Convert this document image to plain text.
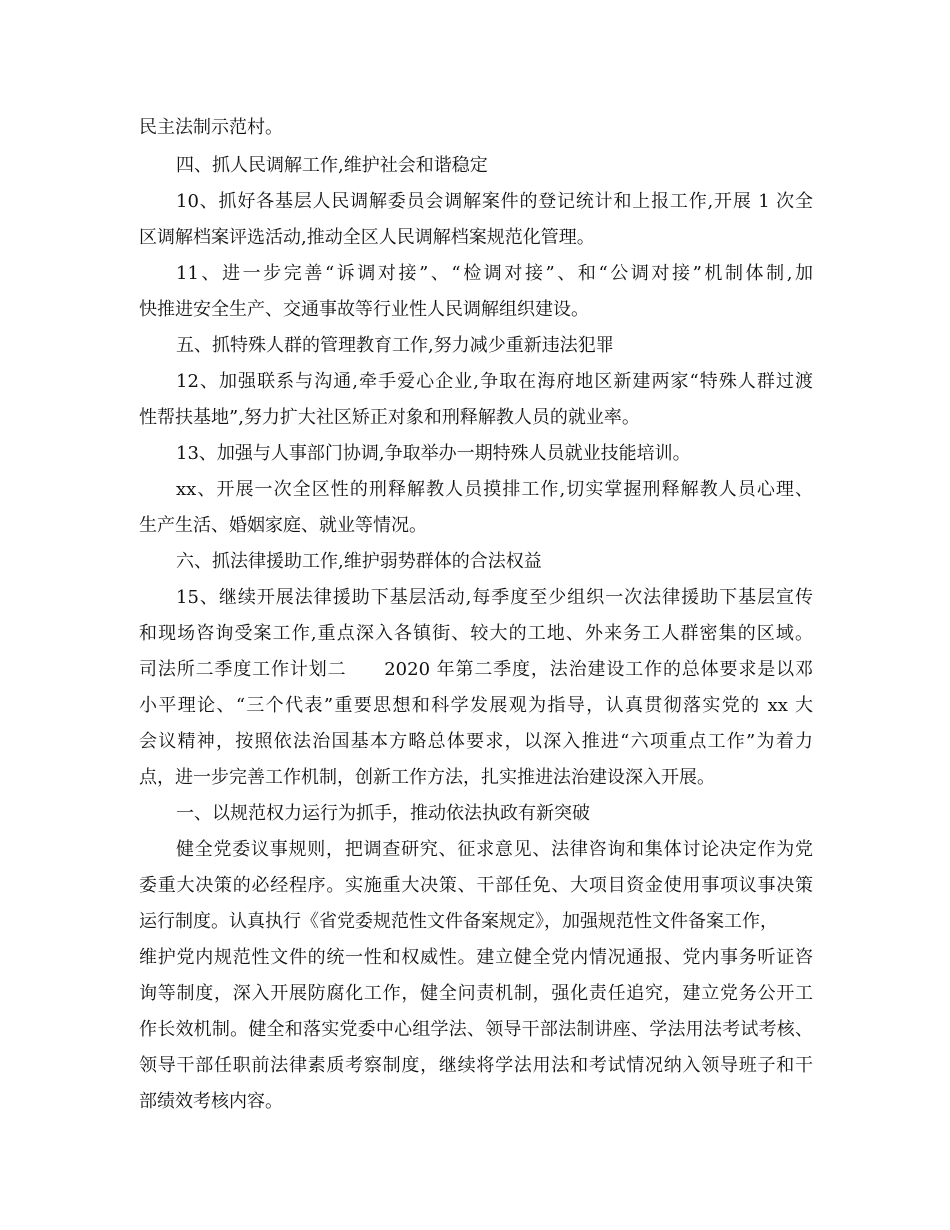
民主法制示范村。
四、抓人民调解工作,维护社会和谐稳定
10、抓好各基层人民调解委员会调解案件的登记统计和上报工作,开展 1 次全
区调解档案评选活动,推动全区人民调解档案规范化管理。
11、进一步完善“诉调对接”、“检调对接”、和“公调对接”机制体制,加
快推进安全生产、交通事故等行业性人民调解组织建设。
五、抓特殊人群的管理教育工作,努力减少重新违法犯罪
12、加强联系与沟通,牵手爱心企业,争取在海府地区新建两家“特殊人群过渡
性帮扶基地”,努力扩大社区矫正对象和刑释解教人员的就业率。
13、加强与人事部门协调,争取举办一期特殊人员就业技能培训。
xx、开展一次全区性的刑释解教人员摸排工作,切实掌握刑释解教人员心理、
生产生活、婚姻家庭、就业等情况。
六、抓法律援助工作,维护弱势群体的合法权益
15、继续开展法律援助下基层活动,每季度至少组织一次法律援助下基层宣传
和现场咨询受案工作,重点深入各镇街、较大的工地、外来务工人群密集的区域。
司法所二季度工作计划二　　2020 年第二季度，法治建设工作的总体要求是以邓
小平理论、“三个代表”重要思想和科学发展观为指导，认真贯彻落实党的 xx 大
会议精神，按照依法治国基本方略总体要求，以深入推进“六项重点工作”为着力
点，进一步完善工作机制，创新工作方法，扎实推进法治建设深入开展。
一、以规范权力运行为抓手，推动依法执政有新突破
健全党委议事规则，把调查研究、征求意见、法律咨询和集体讨论决定作为党
委重大决策的必经程序。实施重大决策、干部任免、大项目资金使用事项议事决策
运行制度。认真执行《省党委规范性文件备案规定》，加强规范性文件备案工作，
维护党内规范性文件的统一性和权威性。建立健全党内情况通报、党内事务听证咨
询等制度，深入开展防腐化工作，健全问责机制，强化责任追究，建立党务公开工
作长效机制。健全和落实党委中心组学法、领导干部法制讲座、学法用法考试考核、
领导干部任职前法律素质考察制度，继续将学法用法和考试情况纳入领导班子和干
部绩效考核内容。
